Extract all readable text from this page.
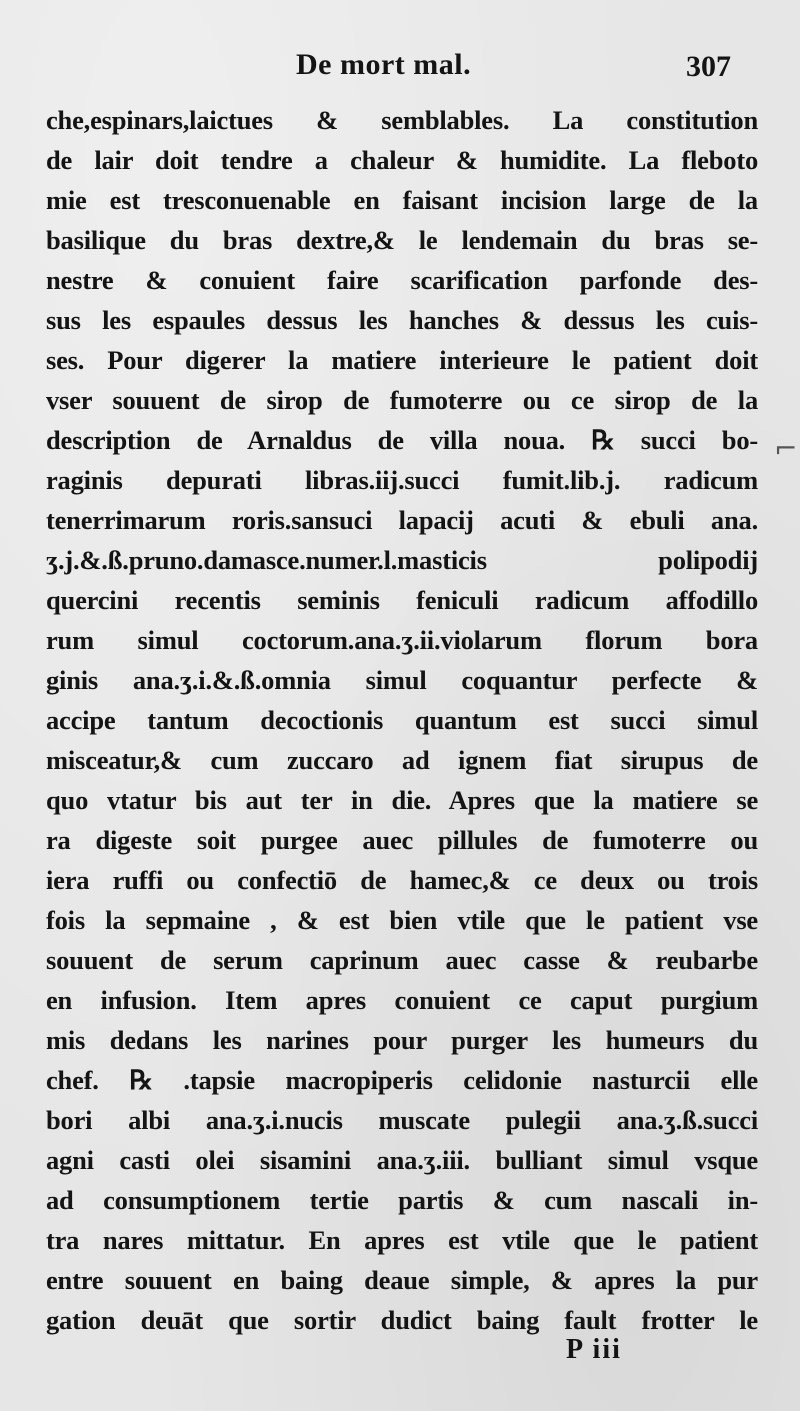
De mort mal.	307
che,espinars,laictues & semblables. La constitution
de lair doit tendre a chaleur & humidite. La fleboto
mie est tresconuenable en faisant incision large de la
basilique du bras dextre,& le lendemain du bras se-
nestre & conuient faire scarification parfonde des-
sus les espaules dessus les hanches & dessus les cuis-
ses. Pour digerer la matiere interieure le patient doit
vser souuent de sirop de fumoterre ou ce sirop de la
description de Arnaldus de villa noua. ℞ succi bo-
raginis depurati libras.iij.succi fumit.lib.j. radicum
tenerrimarum roris.sansuci lapacij acuti & ebuli ana.
ʒ.j.&.ß.pruno.damasce.numer.l.masticis polipodij
quercini recentis seminis feniculi radicum affodillo
rum simul coctorum.ana.ʒ.ii.violarum florum bora
ginis ana.ʒ.i.&.ß.omnia simul coquantur perfecte &
accipe tantum decoctionis quantum est succi simul
misceatur,& cum zuccaro ad ignem fiat sirupus de
quo vtatur bis aut ter in die. Apres que la matiere se
ra digeste soit purgee auec pillules de fumoterre ou
iera ruffi ou confectiō de hamec,& ce deux ou trois
fois la sepmaine , & est bien vtile que le patient vse
souuent de serum caprinum auec casse & reubarbe
en infusion. Item apres conuient ce caput purgium
mis dedans les narines pour purger les humeurs du
chef. ℞ .tapsie macropiperis celidonie nasturcii elle
bori albi ana.ʒ.i.nucis muscate pulegii ana.ʒ.ß.succi
agni casti olei sisamini ana.ʒ.iii. bulliant simul vsque
ad consumptionem tertie partis & cum nascali in-
tra nares mittatur. En apres est vtile que le patient
entre souuent en baing deaue simple, & apres la pur
gation deuāt que sortir dudict baing fault frotter le
⌐
P iii
